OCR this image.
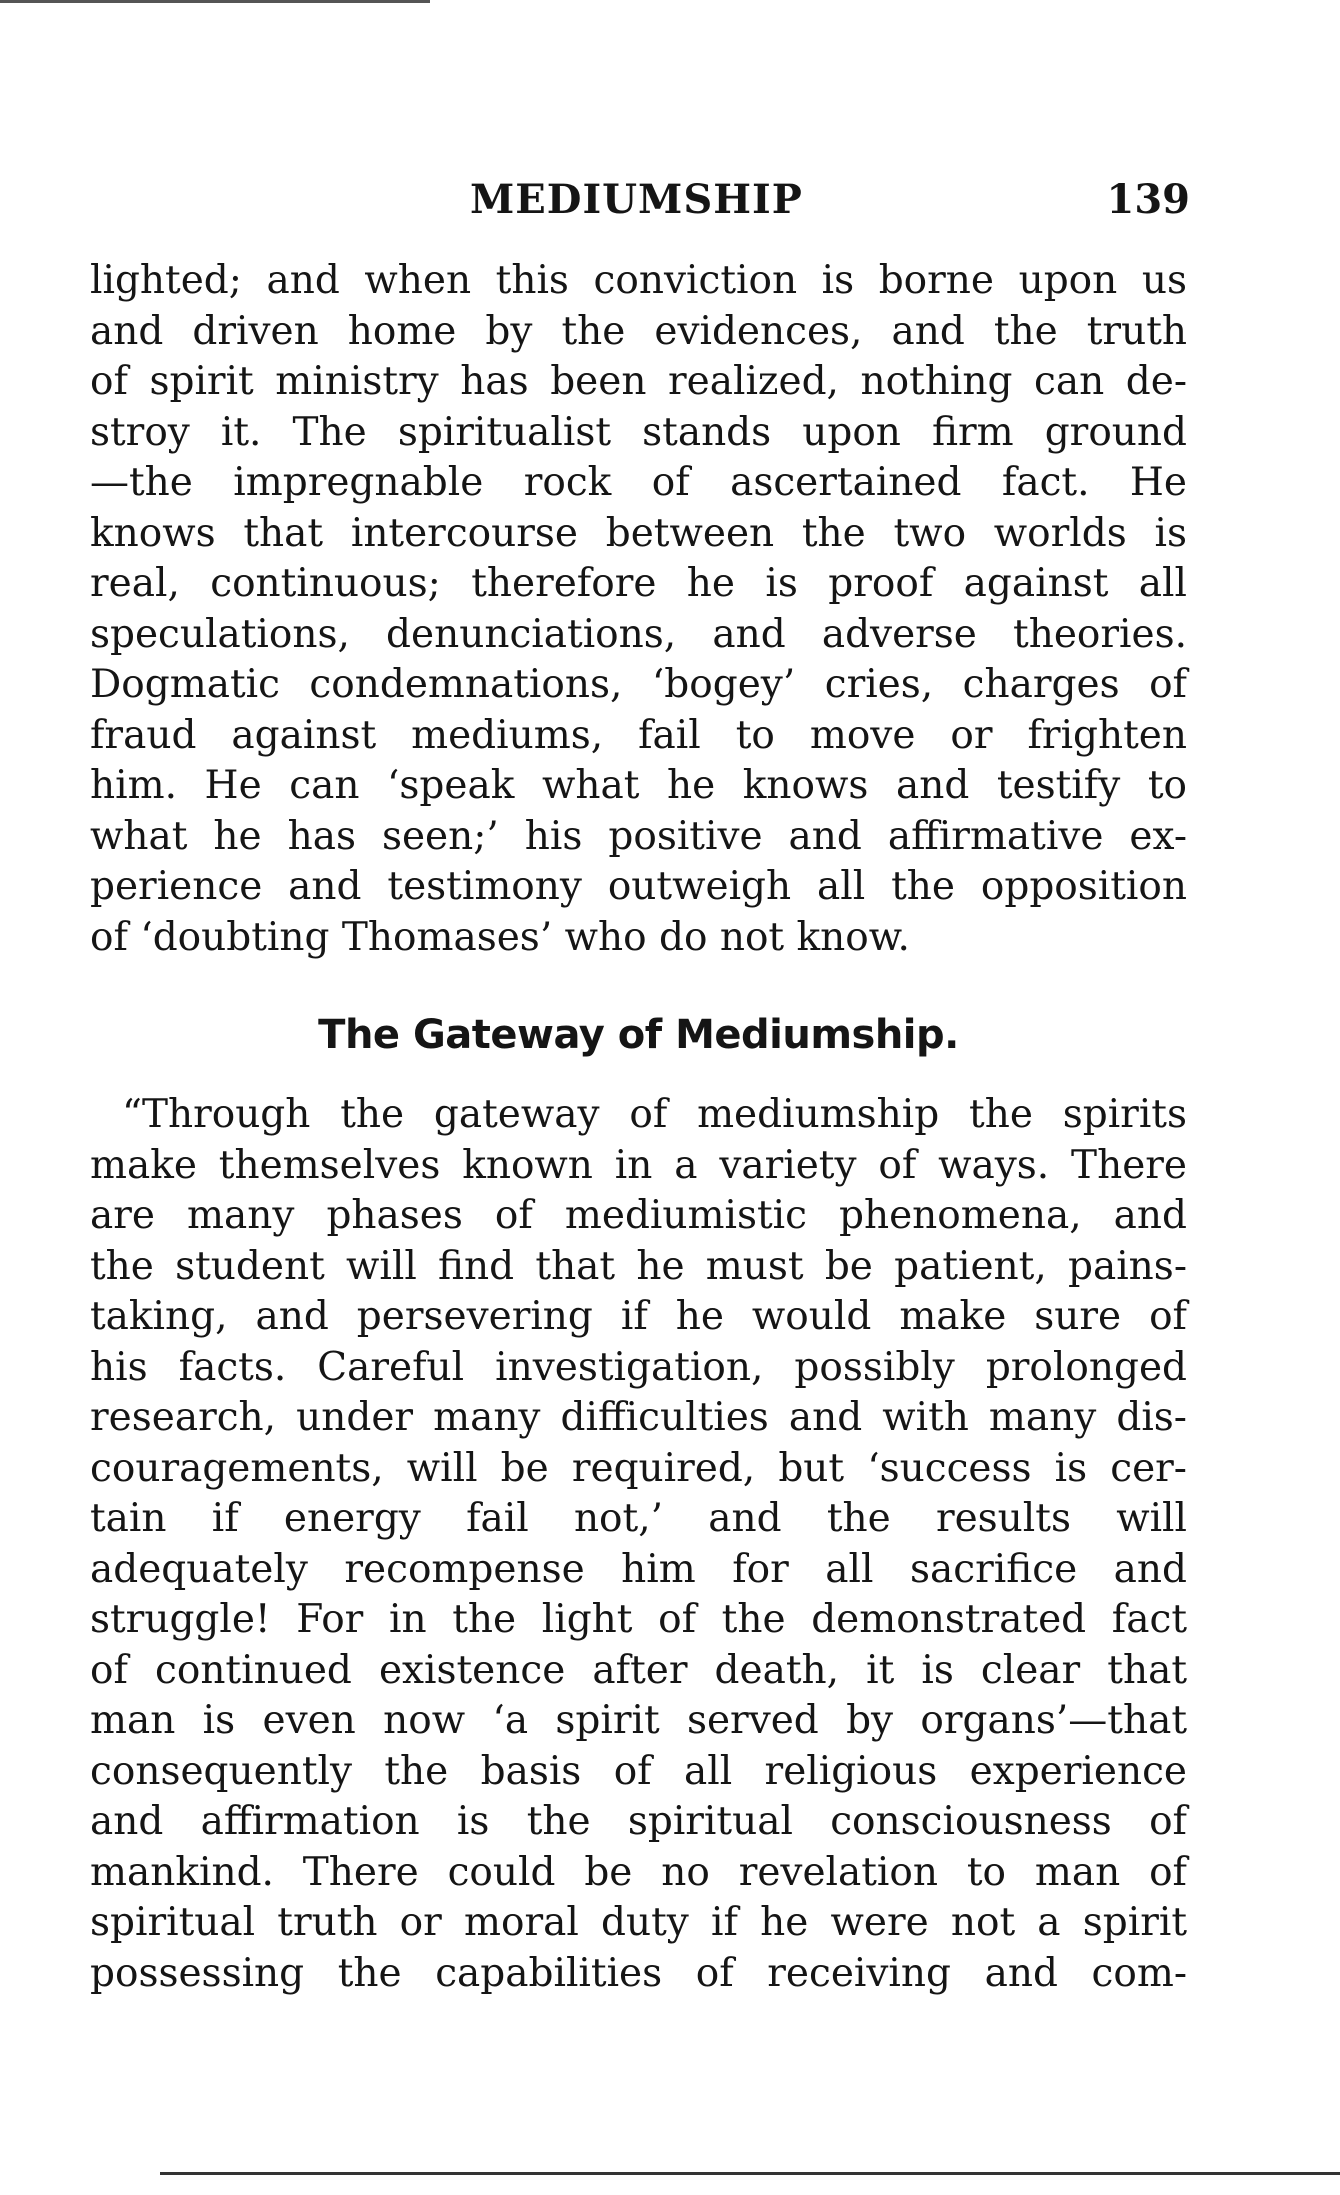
MEDIUMSHIP	139
lighted; and when this conviction is borne upon us
and driven home by the evidences, and the truth
of spirit ministry has been realized, nothing can de-
stroy it. The spiritualist stands upon firm ground
—the impregnable rock of ascertained fact. He
knows that intercourse between the two worlds is
real, continuous; therefore he is proof against all
speculations, denunciations, and adverse theories.
Dogmatic condemnations, ‘bogey’ cries, charges of
fraud against mediums, fail to move or frighten
him. He can ‘speak what he knows and testify to
what he has seen;’ his positive and affirmative ex-
perience and testimony outweigh all the opposition
of ‘doubting Thomases’ who do not know.
The Gateway of Mediumship.
“Through the gateway of mediumship the spirits
make themselves known in a variety of ways. There
are many phases of mediumistic phenomena, and
the student will find that he must be patient, pains-
taking, and persevering if he would make sure of
his facts. Careful investigation, possibly prolonged
research, under many difficulties and with many dis-
couragements, will be required, but ‘success is cer-
tain if energy fail not,’ and the results will
adequately recompense him for all sacrifice and
struggle! For in the light of the demonstrated fact
of continued existence after death, it is clear that
man is even now ‘a spirit served by organs’—that
consequently the basis of all religious experience
and affirmation is the spiritual consciousness of
mankind. There could be no revelation to man of
spiritual truth or moral duty if he were not a spirit
possessing the capabilities of receiving and com-
